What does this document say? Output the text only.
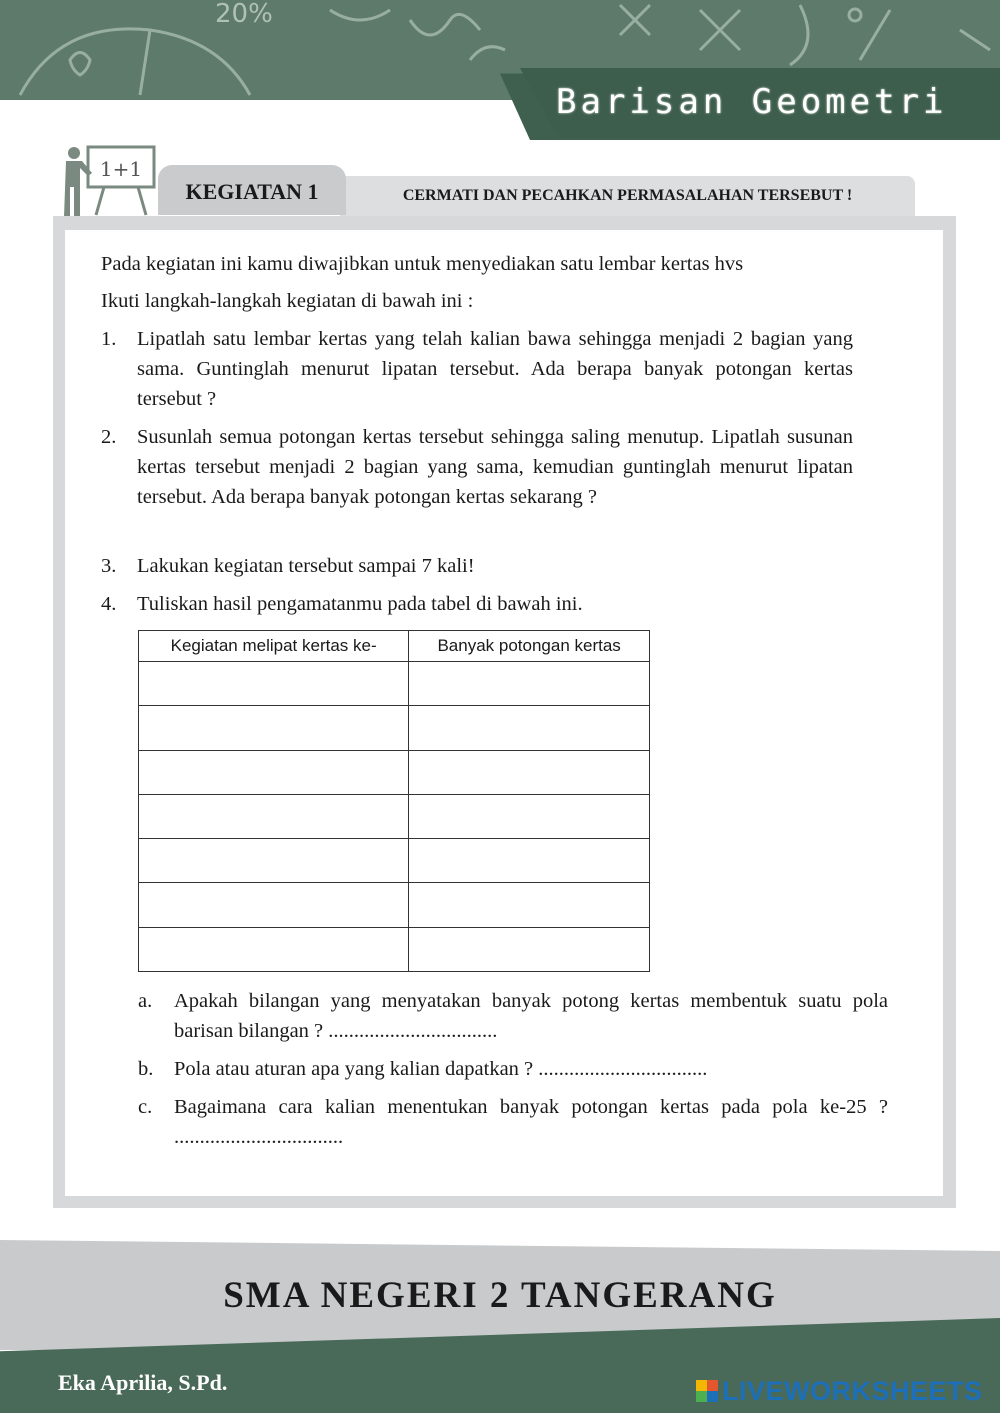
20%
Barisan Geometri
1+1
CERMATI DAN PECAHKAN PERMASALAHAN TERSEBUT !
KEGIATAN 1
Pada kegiatan ini kamu diwajibkan untuk menyediakan satu lembar kertas hvs
Ikuti langkah-langkah kegiatan di bawah ini :
1. Lipatlah satu lembar kertas yang telah kalian bawa sehingga menjadi 2 bagian yang sama. Guntinglah menurut lipatan tersebut. Ada berapa banyak potongan kertas tersebut ?
2. Susunlah semua potongan kertas tersebut sehingga saling menutup. Lipatlah susunan kertas tersebut menjadi 2 bagian yang sama, kemudian guntinglah menurut lipatan tersebut. Ada berapa banyak potongan kertas sekarang ?
3. Lakukan kegiatan tersebut sampai 7 kali!
4. Tuliskan hasil pengamatanmu pada tabel di bawah ini.
Kegiatan melipat kertas ke-	Banyak potongan kertas

a. Apakah bilangan yang menyatakan banyak potong kertas membentuk suatu pola barisan bilangan ? .................................
b. Pola atau aturan apa yang kalian dapatkan ? .................................
c. Bagaimana cara kalian menentukan banyak potongan kertas pada pola ke-25 ? .................................
SMA NEGERI 2 TANGERANG
Eka Aprilia, S.Pd.	LIVEWORKSHEETS
